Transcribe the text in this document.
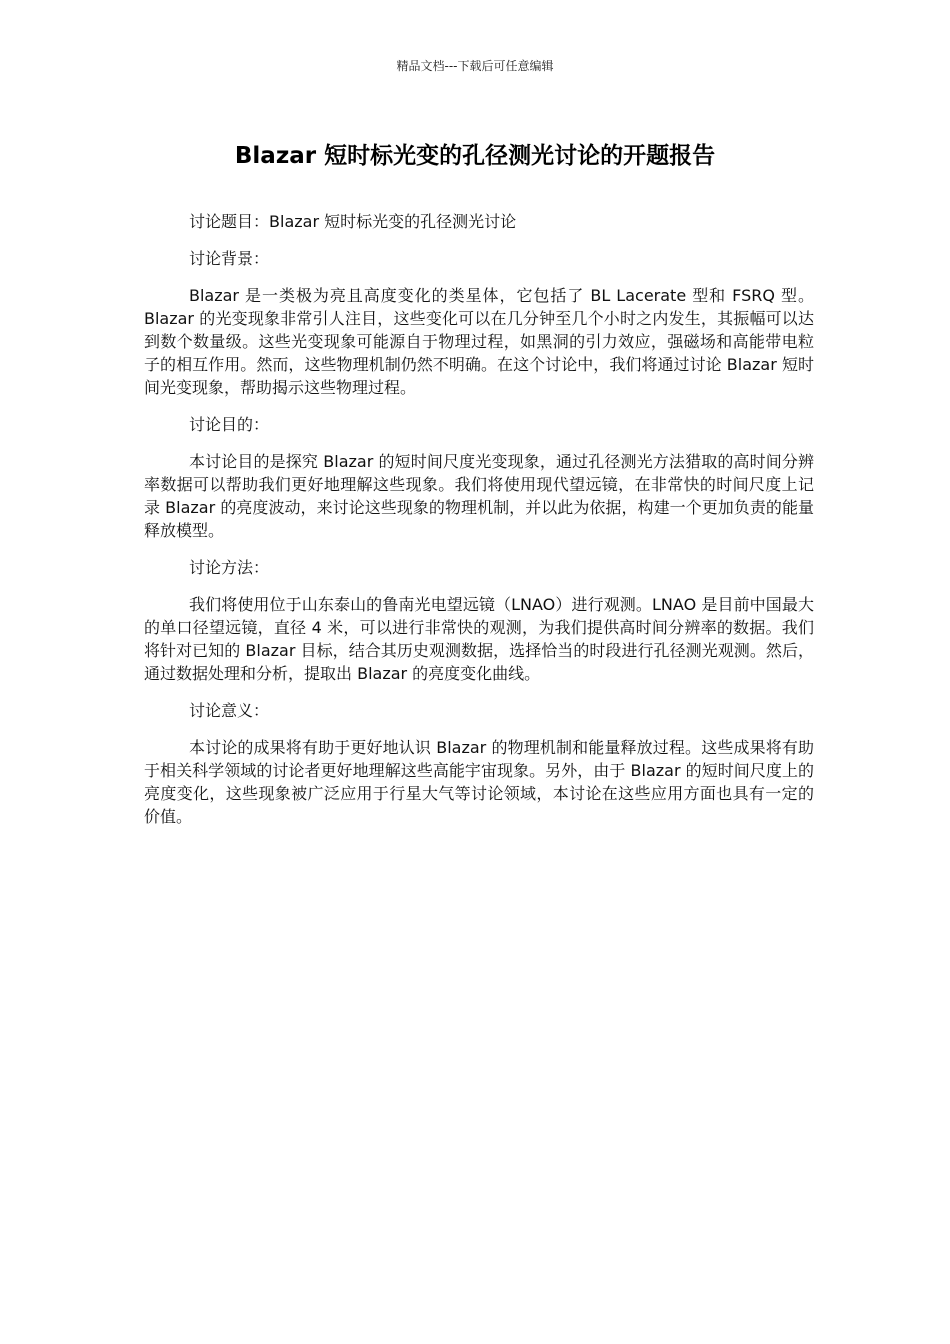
精品文档---下载后可任意编辑
Blazar 短时标光变的孔径测光讨论的开题报告

讨论题目：Blazar 短时标光变的孔径测光讨论

讨论背景：

Blazar 是一类极为亮且高度变化的类星体，它包括了 BL Lacerate 型和 FSRQ 型。Blazar 的光变现象非常引人注目，这些变化可以在几分钟至几个小时之内发生，其振幅可以达到数个数量级。这些光变现象可能源自于物理过程，如黑洞的引力效应，强磁场和高能带电粒子的相互作用。然而，这些物理机制仍然不明确。在这个讨论中，我们将通过讨论 Blazar 短时间光变现象，帮助揭示这些物理过程。

讨论目的：

本讨论目的是探究 Blazar 的短时间尺度光变现象，通过孔径测光方法猎取的高时间分辨率数据可以帮助我们更好地理解这些现象。我们将使用现代望远镜，在非常快的时间尺度上记录 Blazar 的亮度波动，来讨论这些现象的物理机制，并以此为依据，构建一个更加负责的能量释放模型。

讨论方法：

我们将使用位于山东泰山的鲁南光电望远镜（LNAO）进行观测。LNAO 是目前中国最大的单口径望远镜，直径 4 米，可以进行非常快的观测，为我们提供高时间分辨率的数据。我们将针对已知的 Blazar 目标，结合其历史观测数据，选择恰当的时段进行孔径测光观测。然后，通过数据处理和分析，提取出 Blazar 的亮度变化曲线。

讨论意义：

本讨论的成果将有助于更好地认识 Blazar 的物理机制和能量释放过程。这些成果将有助于相关科学领域的讨论者更好地理解这些高能宇宙现象。另外，由于 Blazar 的短时间尺度上的亮度变化，这些现象被广泛应用于行星大气等讨论领域，本讨论在这些应用方面也具有一定的价值。
